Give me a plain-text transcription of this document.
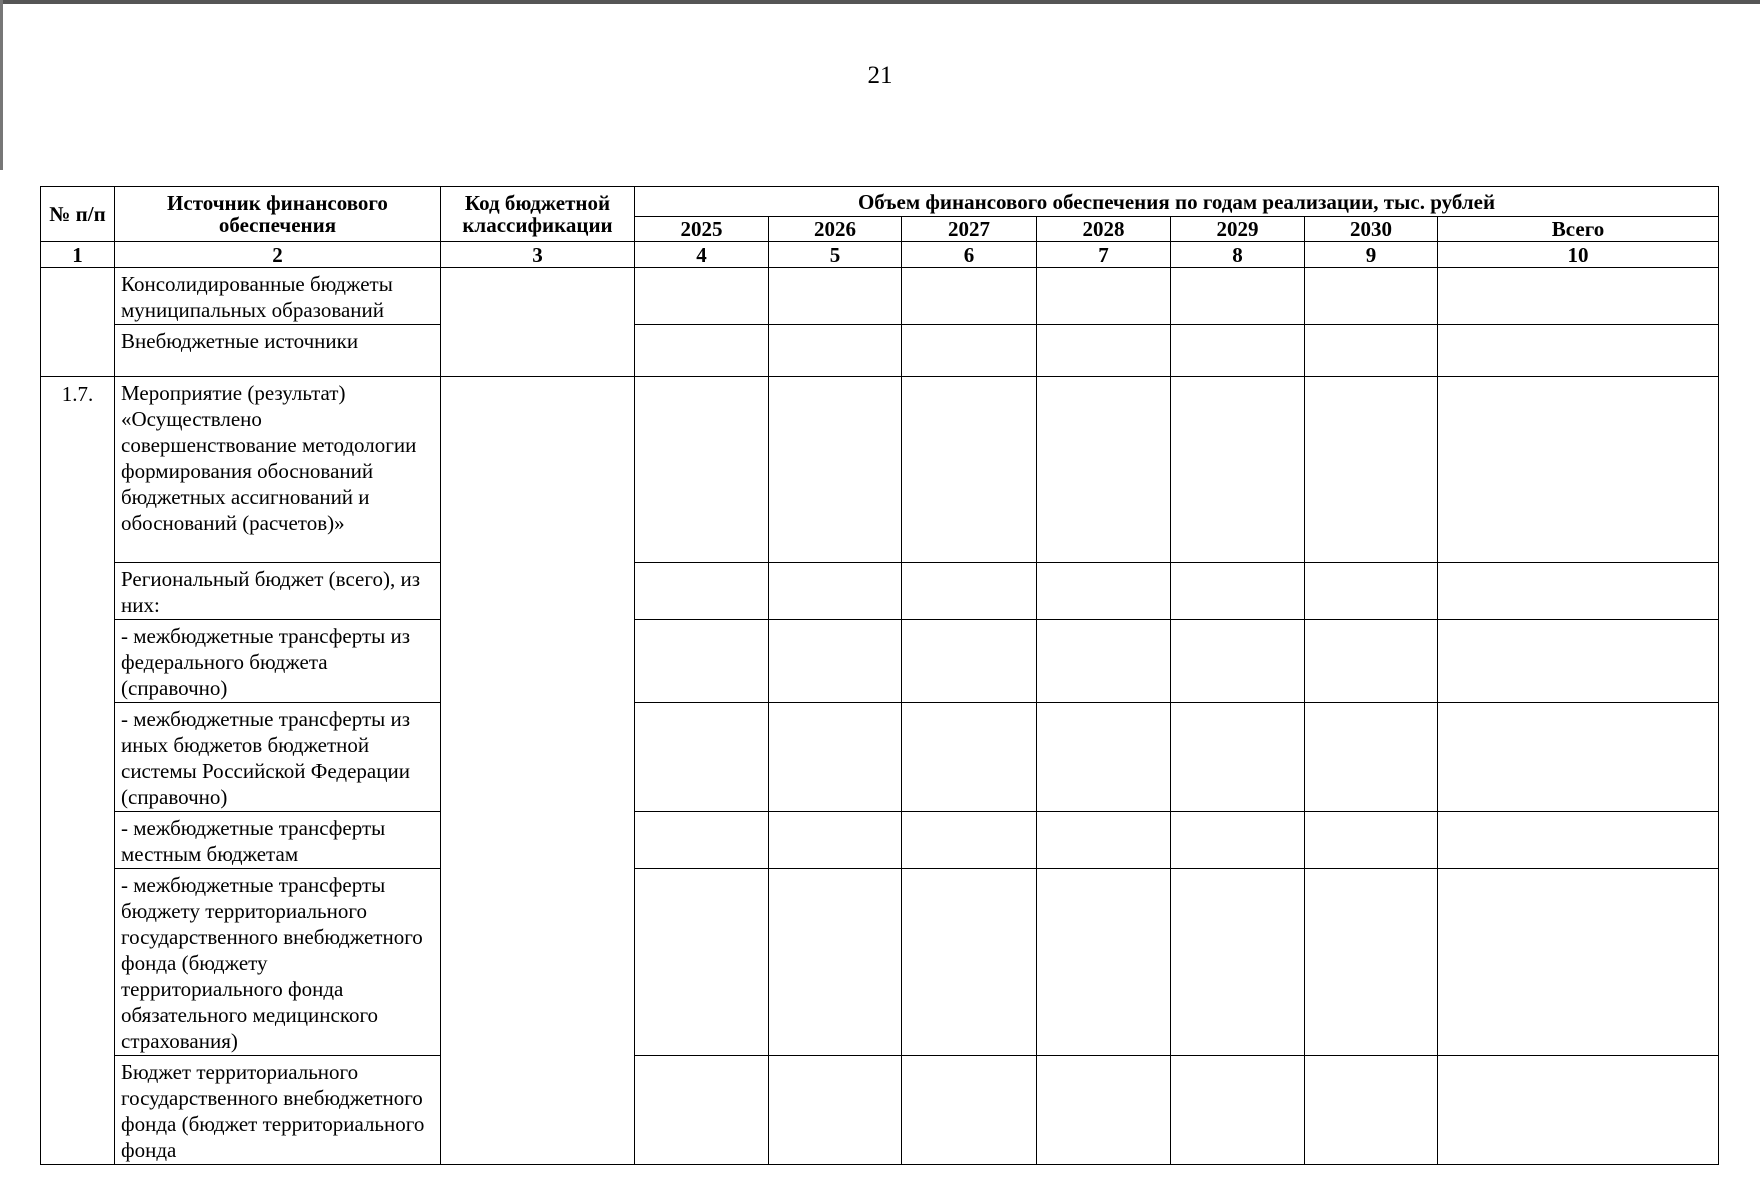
21
№ п/п	Источник финансового обеспечения	Код бюджетной классификации	Объем финансового обеспечения по годам реализации, тыс. рублей						
			2025	2026	2027	2028	2029	2030	Всего
1	2	3	4	5	6	7	8	9	10
	Консолидированные бюджеты муниципальных образований								
	Внебюджетные источники								
1.7.	Мероприятие (результат) «Осуществлено совершенствование методологии формирования обоснований бюджетных ассигнований и обоснований (расчетов)»								
	Региональный бюджет (всего), из них:								
	- межбюджетные трансферты из федерального бюджета (справочно)								
	- межбюджетные трансферты из иных бюджетов бюджетной системы Российской Федерации (справочно)								
	- межбюджетные трансферты местным бюджетам								
	- межбюджетные трансферты бюджету территориального государственного внебюджетного фонда (бюджету территориального фонда обязательного медицинского страхования)								
	Бюджет территориального государственного внебюджетного фонда (бюджет территориального фонда								
